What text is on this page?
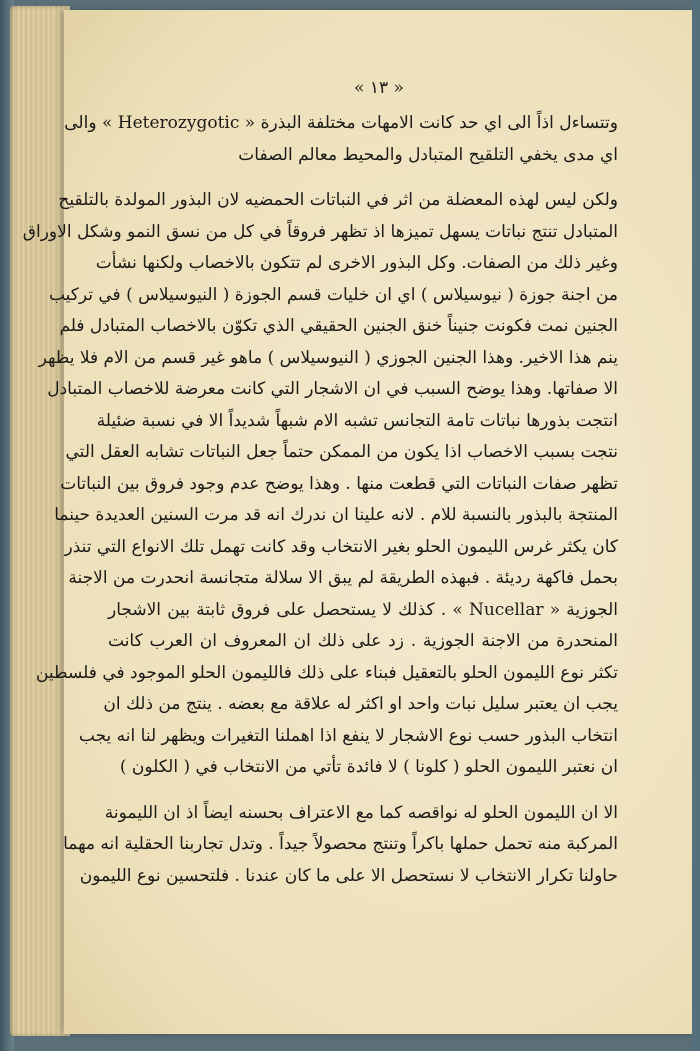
« ١٣ »
وتتساءل اذاً الى اي حد كانت الامهات مختلفة البذرة « Heterozygotic » والى
اي مدى يخفي التلقيح المتبادل والمحيط معالم الصفات
ولكن ليس لهذه المعضلة من اثر في النباتات الحمضيه لان البذور المولدة بالتلقيح
المتبادل تنتج نباتات يسهل تميزها اذ تظهر فروقاً في كل من نسق النمو وشكل الاوراق
وغير ذلك من الصفات. وكل البذور الاخرى لم تتكون بالاخصاب ولكنها نشأت
من اجنة جوزة ( نيوسيلاس ) اي ان خليات قسم الجوزة ( النيوسيلاس ) في تركيب
الجنين نمت فكونت جنيناً خنق الجنين الحقيقي الذي تكوّن بالاخصاب المتبادل فلم
ينم هذا الاخير. وهذا الجنين الجوزي ( النيوسيلاس ) ماهو غير قسم من الام فلا يظهر
الا صفاتها. وهذا يوضح السبب في ان الاشجار التي كانت معرضة للاخصاب المتبادل
انتجت بذورها نباتات تامة التجانس تشبه الام شبهاً شديداً الا في نسبة ضئيلة
نتجت بسبب الاخصاب اذا يكون من الممكن حتماً جعل النباتات تشابه العقل التي
تظهر صفات النباتات التي قطعت منها . وهذا يوضح عدم وجود فروق بين النباتات
المنتجة بالبذور بالنسبة للام . لانه علينا ان ندرك انه قد مرت السنين العديدة حينما
كان يكثر غرس الليمون الحلو بغير الانتخاب وقد كانت تهمل تلك الانواع التي تنذر
بحمل فاكهة رديئة . فبهذه الطريقة لم يبق الا سلالة متجانسة انحدرت من الاجنة
الجوزية « Nucellar » . كذلك لا يستحصل على فروق ثابتة بين الاشجار
المنحدرة من الاجنة الجوزية . زد على ذلك ان المعروف ان العرب كانت
تكثر نوع الليمون الحلو بالتعقيل فبناء على ذلك فالليمون الحلو الموجود في فلسطين
يجب ان يعتبر سليل نبات واحد او اكثر له علاقة مع بعضه . ينتج من ذلك ان
انتخاب البذور حسب نوع الاشجار لا ينفع اذا اهملنا التغيرات ويظهر لنا انه يجب
ان نعتبر الليمون الحلو ( كلونا ) لا فائدة تأتي من الانتخاب في ( الكلون )
الا ان الليمون الحلو له نواقصه كما مع الاعتراف بحسنه ايضاً اذ ان الليمونة
المركبة منه تحمل حملها باكراً وتنتج محصولاً جيداً . وتدل تجاربنا الحقلية انه مهما
حاولنا تكرار الانتخاب لا نستحصل الا على ما كان عندنا . فلتحسين نوع الليمون
